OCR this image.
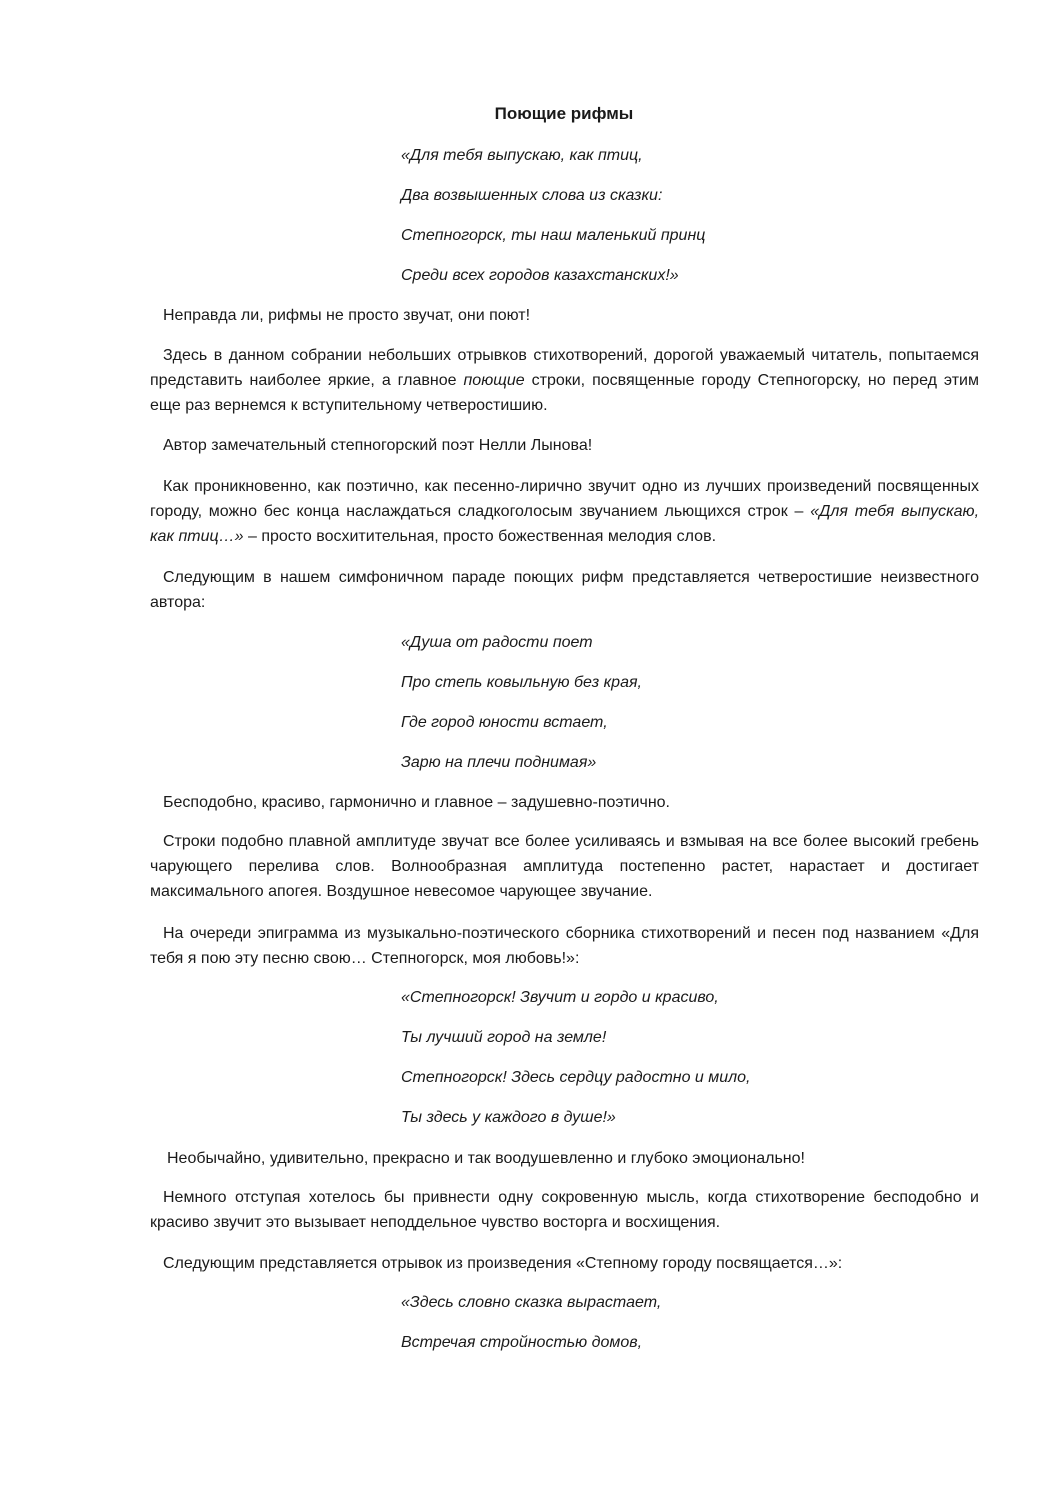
Поющие рифмы
«Для тебя выпускаю, как птиц,
Два возвышенных слова из сказки:
Степногорск, ты наш маленький принц
Среди всех городов казахстанских!»

Неправда ли, рифмы не просто звучат, они поют!

Здесь в данном собрании небольших отрывков стихотворений, дорогой уважаемый читатель, попытаемся представить наиболее яркие, а главное поющие строки, посвященные городу Степногорску, но перед этим еще раз вернемся к вступительному четверостишию.

Автор замечательный степногорский поэт Нелли Лынова!

Как проникновенно, как поэтично, как песенно-лирично звучит одно из лучших произведений посвященных городу, можно бес конца наслаждаться сладкоголосым звучанием льющихся строк – «Для тебя выпускаю, как птиц…» – просто восхитительная, просто божественная мелодия слов.

Следующим в нашем симфоничном параде поющих рифм представляется четверостишие неизвестного автора:

«Душа от радости поет
Про степь ковыльную без края,
Где город юности встает,
Зарю на плечи поднимая»

Бесподобно, красиво, гармонично и главное – задушевно-поэтично.

Строки подобно плавной амплитуде звучат все более усиливаясь и взмывая на все более высокий гребень чарующего перелива слов. Волнообразная амплитуда постепенно растет, нарастает и достигает максимального апогея. Воздушное невесомое чарующее звучание.

На очереди эпиграмма из музыкально-поэтического сборника стихотворений и песен под названием «Для тебя я пою эту песню свою… Степногорск, моя любовь!»:

«Степногорск! Звучит и гордо и красиво,
Ты лучший город на земле!
Степногорск! Здесь сердцу радостно и мило,
Ты здесь у каждого в душе!»

Необычайно, удивительно, прекрасно и так воодушевленно и глубоко эмоционально!

Немного отступая хотелось бы привнести одну сокровенную мысль, когда стихотворение бесподобно и красиво звучит это вызывает неподдельное чувство восторга и восхищения.

Следующим представляется отрывок из произведения «Степному городу посвящается…»:

«Здесь словно сказка вырастает,
Встречая стройностью домов,
